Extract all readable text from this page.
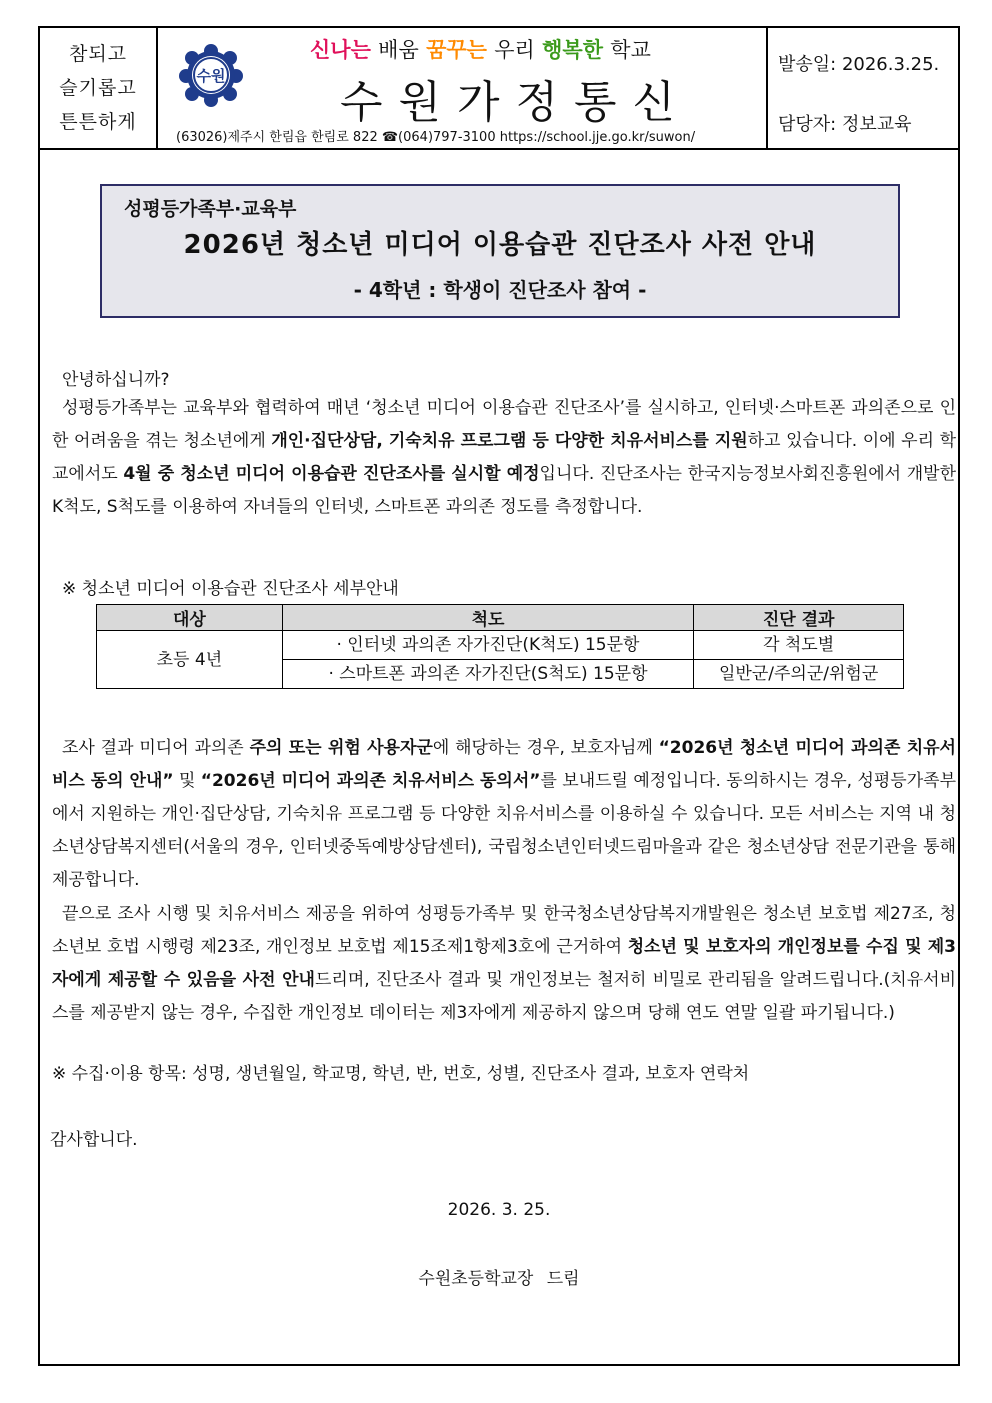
참되고
슬기롭고
튼튼하게
수원
신나는 배움 꿈꾸는 우리 행복한 학교
수원가정통신
(63026)제주시 한림읍 한림로 822 ☎(064)797-3100 https://school.jje.go.kr/suwon/
발송일: 2026.3.25.
담당자: 정보교육
성평등가족부·교육부
2026년 청소년 미디어 이용습관 진단조사 사전 안내
- 4학년 : 학생이 진단조사 참여 -
안녕하십니까?
성평등가족부는 교육부와 협력하여 매년 ‘청소년 미디어 이용습관 진단조사’를 실시하고, 인터넷·스마트폰 과의존으로 인한 어려움을 겪는 청소년에게 개인·집단상담, 기숙치유 프로그램 등 다양한 치유서비스를 지원하고 있습니다. 이에 우리 학교에서도 4월 중 청소년 미디어 이용습관 진단조사를 실시할 예정입니다. 진단조사는 한국지능정보사회진흥원에서 개발한 K척도, S척도를 이용하여 자녀들의 인터넷, 스마트폰 과의존 정도를 측정합니다.
※ 청소년 미디어 이용습관 진단조사 세부안내
대상	척도	진단 결과
초등 4년	· 인터넷 과의존 자가진단(K척도) 15문항	각 척도별
	· 스마트폰 과의존 자가진단(S척도) 15문항	일반군/주의군/위험군
조사 결과 미디어 과의존 주의 또는 위험 사용자군에 해당하는 경우, 보호자님께 “2026년 청소년 미디어 과의존 치유서비스 동의 안내” 및 “2026년 미디어 과의존 치유서비스 동의서”를 보내드릴 예정입니다. 동의하시는 경우, 성평등가족부에서 지원하는 개인·집단상담, 기숙치유 프로그램 등 다양한 치유서비스를 이용하실 수 있습니다. 모든 서비스는 지역 내 청소년상담복지센터(서울의 경우, 인터넷중독예방상담센터), 국립청소년인터넷드림마을과 같은 청소년상담 전문기관을 통해 제공합니다.
끝으로 조사 시행 및 치유서비스 제공을 위하여 성평등가족부 및 한국청소년상담복지개발원은 청소년 보호법 제27조, 청소년보 호법 시행령 제23조, 개인정보 보호법 제15조제1항제3호에 근거하여 청소년 및 보호자의 개인정보를 수집 및 제3자에게 제공할 수 있음을 사전 안내드리며, 진단조사 결과 및 개인정보는 철저히 비밀로 관리됨을 알려드립니다.(치유서비스를 제공받지 않는 경우, 수집한 개인정보 데이터는 제3자에게 제공하지 않으며 당해 연도 연말 일괄 파기됩니다.)
※ 수집·이용 항목: 성명, 생년월일, 학교명, 학년, 반, 번호, 성별, 진단조사 결과, 보호자 연락처
감사합니다.
2026. 3. 25.
수원초등학교장 드림
